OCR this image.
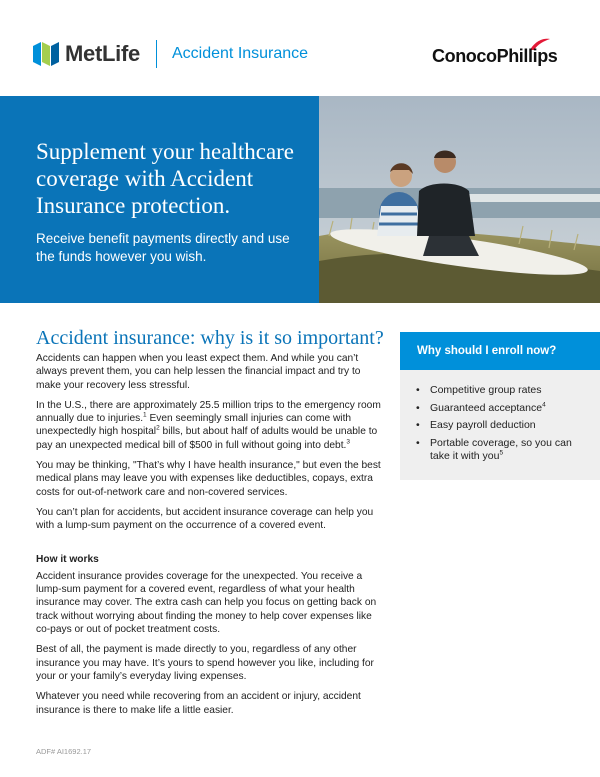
MetLife Accident Insurance	ConocoPhillips
Supplement your healthcare coverage with Accident Insurance protection.
Receive benefit payments directly and use the funds however you wish.
Accident insurance: why is it so important?

Accidents can happen when you least expect them. And while you can’t always prevent them, you can help lessen the financial impact and try to make your recovery less stressful.

In the U.S., there are approximately 25.5 million trips to the emergency room annually due to injuries.$^1$ Even seemingly small injuries can come with unexpectedly high hospital$^2$ bills, but about half of adults would be unable to pay an unexpected medical bill of $500 in full without going into debt.$^3$

You may be thinking, "That’s why I have health insurance," but even the best medical plans may leave you with expenses like deductibles, copays, extra costs for out-of-network care and non-covered services.

You can’t plan for accidents, but accident insurance coverage can help you with a lump-sum payment on the occurrence of a covered event.

How it works

Accident insurance provides coverage for the unexpected. You receive a lump-sum payment for a covered event, regardless of what your health insurance may cover. The extra cash can help you focus on getting back on track without worrying about finding the money to help cover expenses like co-pays or out of pocket treatment costs.

Best of all, the payment is made directly to you, regardless of any other insurance you may have. It’s yours to spend however you like, including for your or your family’s everyday living expenses.

Whatever you need while recovering from an accident or injury, accident insurance is there to make life a little easier.

Why should I enroll now?
• Competitive group rates
• Guaranteed acceptance$^4$
• Easy payroll deduction
• Portable coverage, so you can take it with you$^5$
ADF# AI1692.17
